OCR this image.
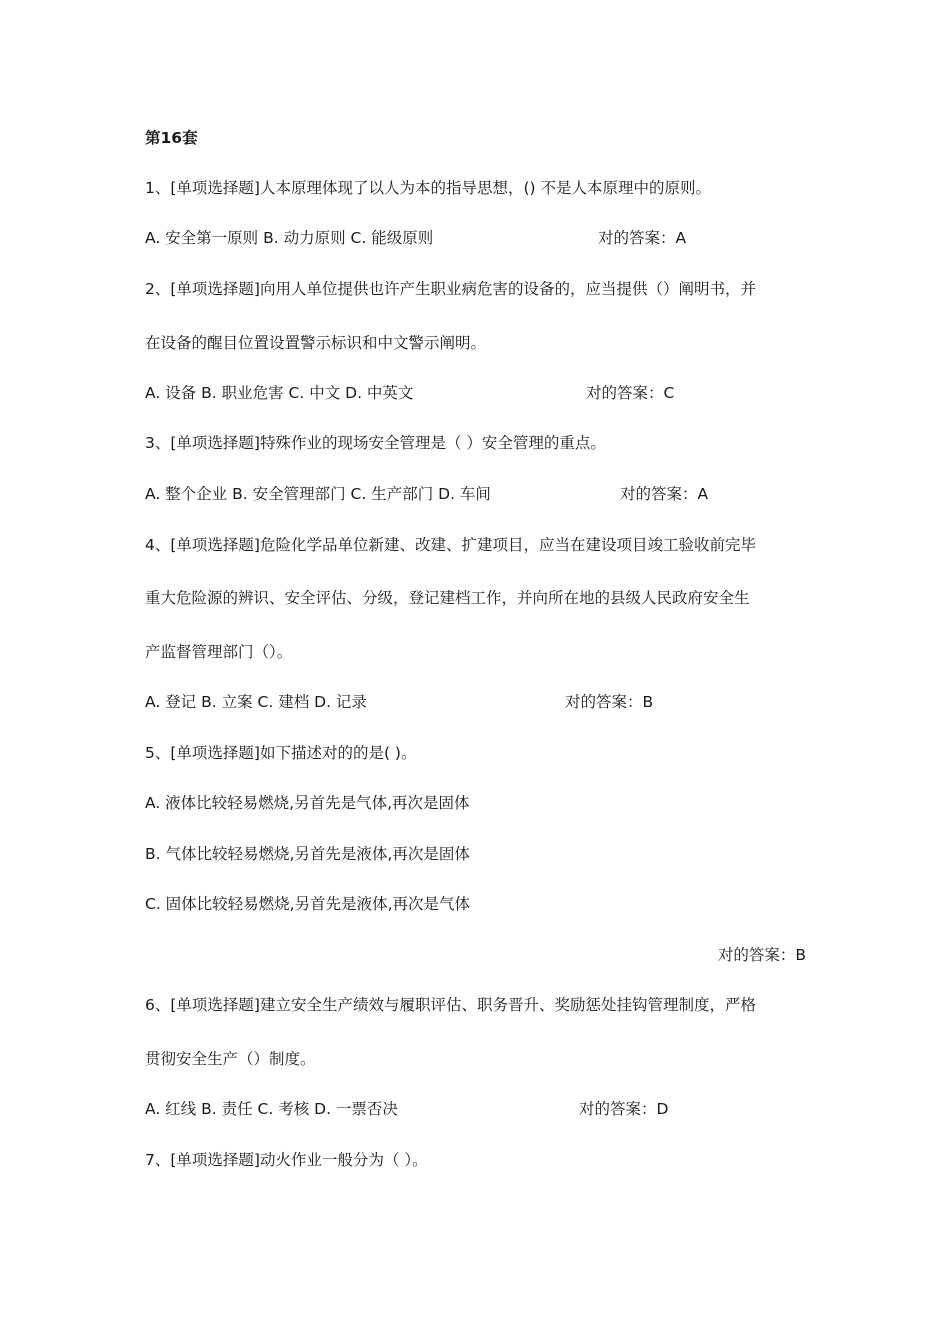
第16套
1、[单项选择题]人本原理体现了以人为本的指导思想，() 不是人本原理中的原则。
A. 安全第一原则 B. 动力原则 C. 能级原则	对的答案：A
2、[单项选择题]向用人单位提供也许产生职业病危害的设备的，应当提供（）阐明书，并
在设备的醒目位置设置警示标识和中文警示阐明。
A. 设备 B. 职业危害 C. 中文 D. 中英文	对的答案：C
3、[单项选择题]特殊作业的现场安全管理是（ ）安全管理的重点。
A. 整个企业 B. 安全管理部门 C. 生产部门 D. 车间	对的答案：A
4、[单项选择题]危险化学品单位新建、改建、扩建项目，应当在建设项目竣工验收前完毕
重大危险源的辨识、安全评估、分级，登记建档工作，并向所在地的县级人民政府安全生
产监督管理部门（）。
A. 登记 B. 立案 C. 建档 D. 记录	对的答案：B
5、[单项选择题]如下描述对的的是( )。
A. 液体比较轻易燃烧,另首先是气体,再次是固体
B. 气体比较轻易燃烧,另首先是液体,再次是固体
C. 固体比较轻易燃烧,另首先是液体,再次是气体
对的答案：B
6、[单项选择题]建立安全生产绩效与履职评估、职务晋升、奖励惩处挂钩管理制度，严格
贯彻安全生产（）制度。
A. 红线 B. 责任 C. 考核 D. 一票否决	对的答案：D
7、[单项选择题]动火作业一般分为（ ）。
